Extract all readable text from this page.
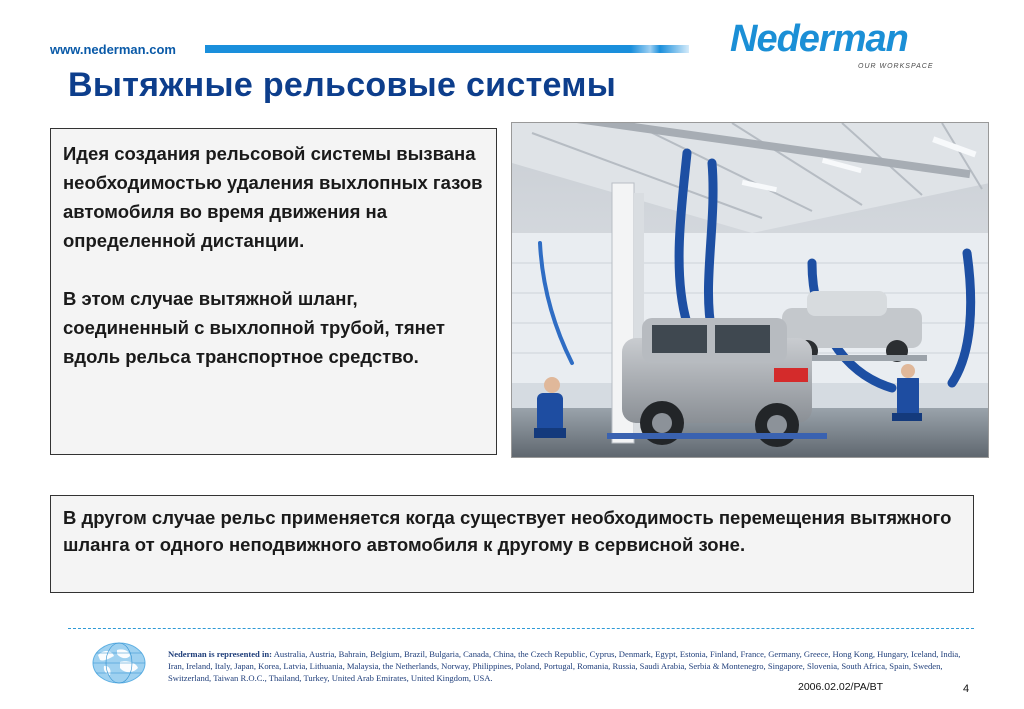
www.nederman.com	Nederman
OUR WORKSPACE
Вытяжные рельсовые системы

Идея создания рельсовой системы вызвана необходимостью удаления выхлопных газов автомобиля во время движения на определенной дистанции.

В этом случае вытяжной шланг, соединенный с выхлопной трубой, тянет вдоль рельса транспортное средство.

В другом случае рельс применяется когда существует необходимость перемещения вытяжного шланга от одного неподвижного автомобиля к другому в сервисной зоне.

Nederman is represented in: Australia, Austria, Bahrain, Belgium, Brazil, Bulgaria, Canada, China, the Czech Republic, Cyprus, Denmark, Egypt, Estonia, Finland, France, Germany, Greece, Hong Kong, Hungary, Iceland, India, Iran, Ireland, Italy, Japan, Korea, Latvia, Lithuania, Malaysia, the Netherlands, Norway, Philippines, Poland, Portugal, Romania, Russia, Saudi Arabia, Serbia & Montenegro, Singapore, Slovenia, South Africa, Spain, Sweden, Switzerland, Taiwan R.O.C., Thailand, Turkey, United Arab Emirates, United Kingdom, USA.
2006.02.02/PA/BT	4
